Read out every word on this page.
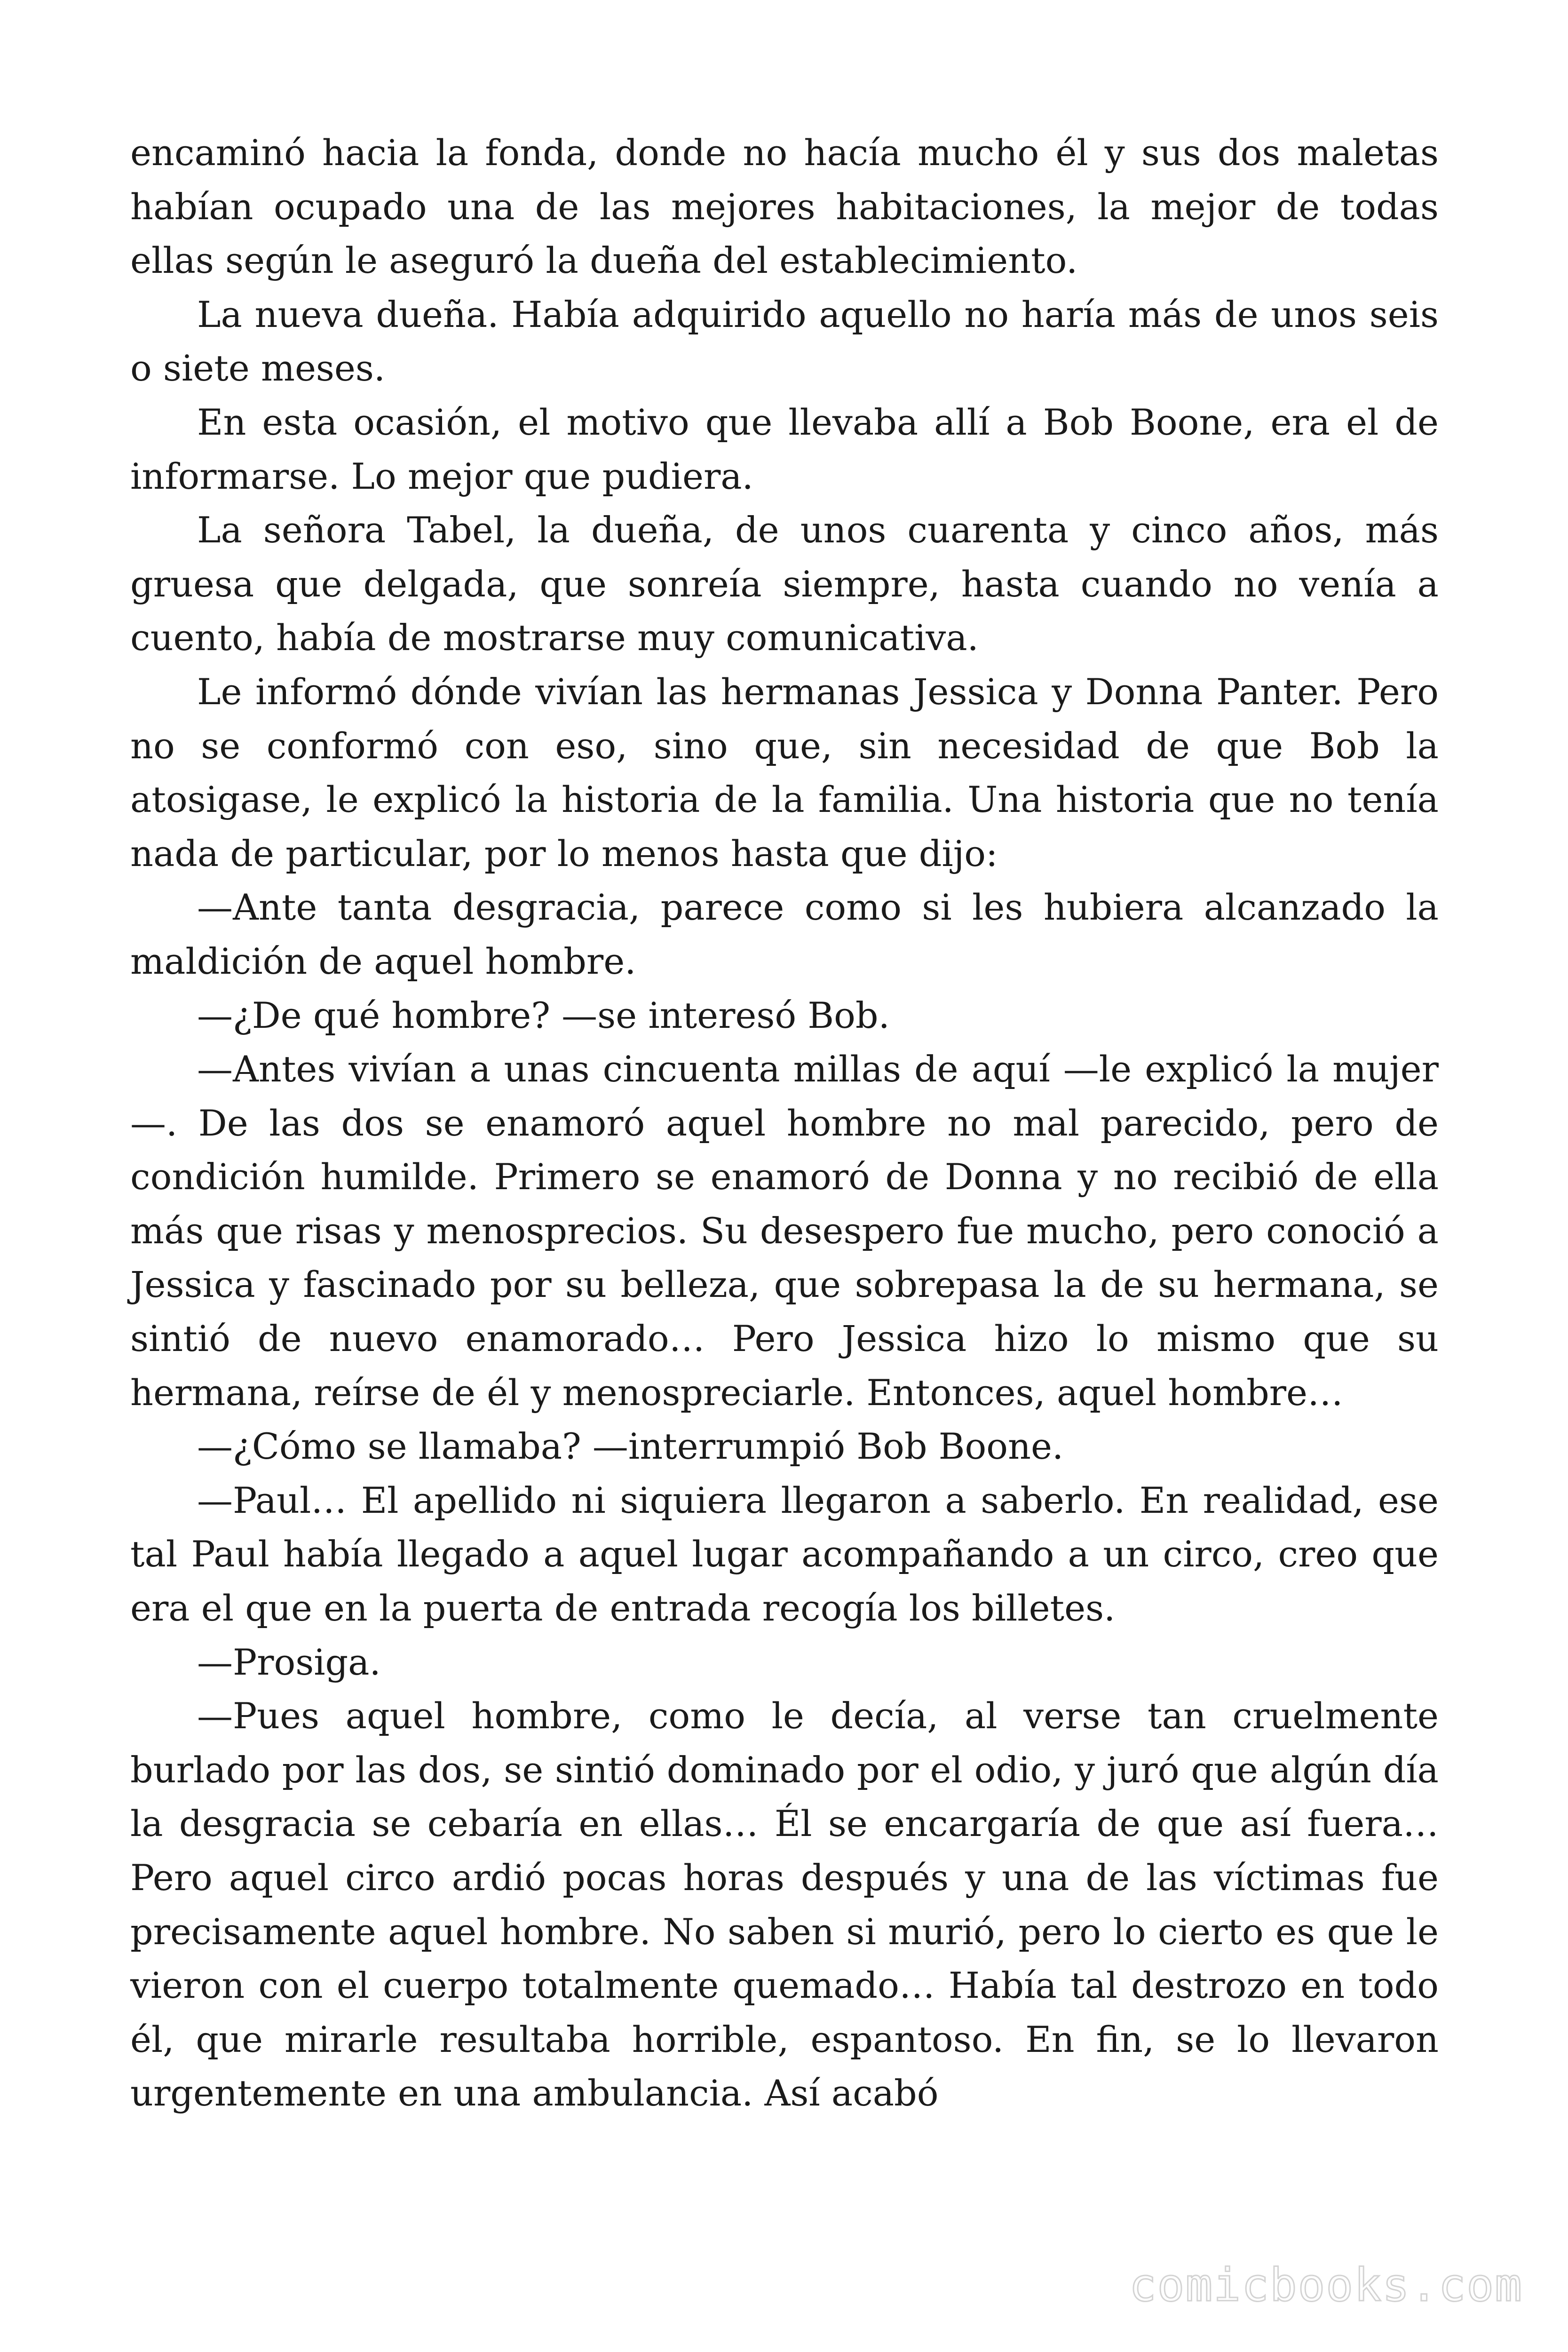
encaminó hacia la fonda, donde no hacía mucho él y sus dos maletas habían ocupado una de las mejores habitaciones, la mejor de todas ellas según le aseguró la dueña del establecimiento.

La nueva dueña. Había adquirido aquello no haría más de unos seis o siete meses.

En esta ocasión, el motivo que llevaba allí a Bob Boone, era el de informarse. Lo mejor que pudiera.

La señora Tabel, la dueña, de unos cuarenta y cinco años, más gruesa que delgada, que sonreía siempre, hasta cuando no venía a cuento, había de mostrarse muy comunicativa.

Le informó dónde vivían las hermanas Jessica y Donna Panter. Pero no se conformó con eso, sino que, sin necesidad de que Bob la atosigase, le explicó la historia de la familia. Una historia que no tenía nada de particular, por lo menos hasta que dijo:

—Ante tanta desgracia, parece como si les hubiera alcanzado la maldición de aquel hombre.

—¿De qué hombre? —se interesó Bob.

—Antes vivían a unas cincuenta millas de aquí —le explicó la mujer—. De las dos se enamoró aquel hombre no mal parecido, pero de condición humilde. Primero se enamoró de Donna y no recibió de ella más que risas y menosprecios. Su desespero fue mucho, pero conoció a Jessica y fascinado por su belleza, que sobrepasa la de su hermana, se sintió de nuevo enamorado… Pero Jessica hizo lo mismo que su hermana, reírse de él y menospreciarle. Entonces, aquel hombre…

—¿Cómo se llamaba? —interrumpió Bob Boone.

—Paul… El apellido ni siquiera llegaron a saberlo. En realidad, ese tal Paul había llegado a aquel lugar acompañando a un circo, creo que era el que en la puerta de entrada recogía los billetes.

—Prosiga.

—Pues aquel hombre, como le decía, al verse tan cruelmente burlado por las dos, se sintió dominado por el odio, y juró que algún día la desgracia se cebaría en ellas… Él se encargaría de que así fuera… Pero aquel circo ardió pocas horas después y una de las víctimas fue precisamente aquel hombre. No saben si murió, pero lo cierto es que le vieron con el cuerpo totalmente quemado… Había tal destrozo en todo él, que mirarle resultaba horrible, espantoso. En fin, se lo llevaron urgentemente en una ambulancia. Así acabó

comicbooks.com
